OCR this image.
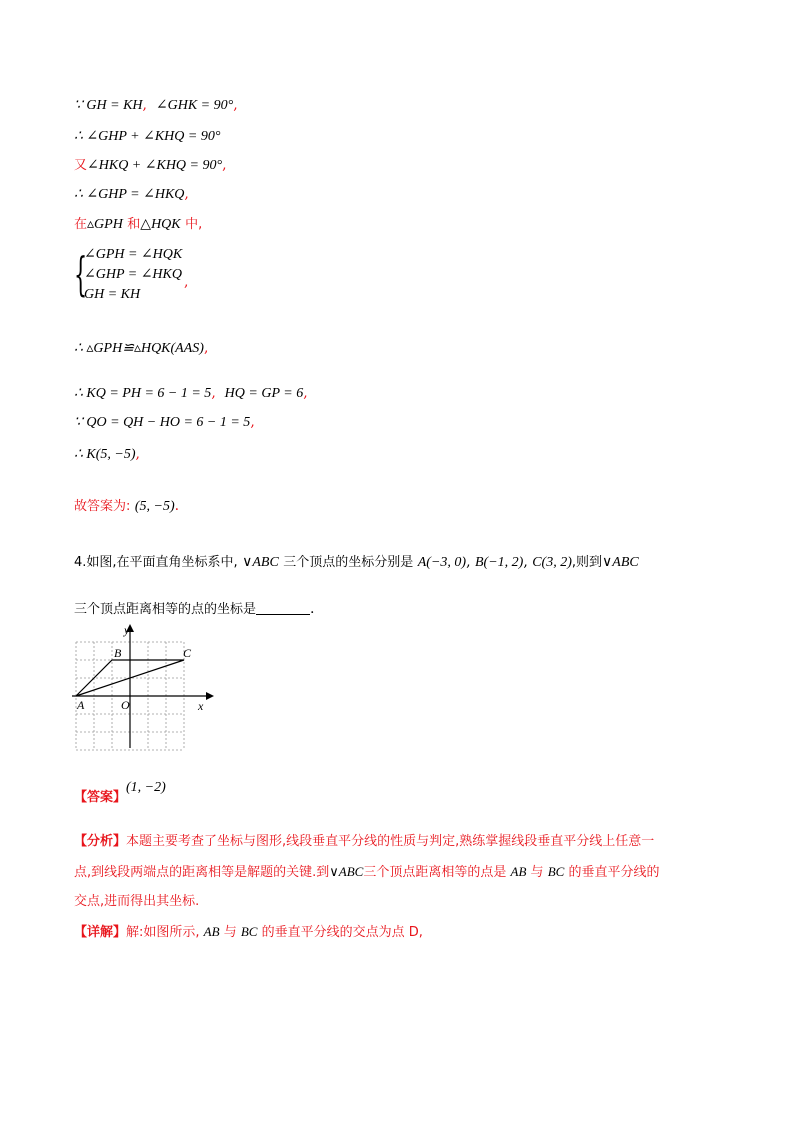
∵ GH = KH, ∠GHK = 90°,
∴ ∠GHP + ∠KHQ = 90°
又∠HKQ + ∠KHQ = 90°,
∴ ∠GHP = ∠HKQ,
在▵GPH 和△HQK 中,
{
∠GPH = ∠HQK
∠GHP = ∠HKQ
GH = KH
,
∴ ▵GPH≌▵HQK(AAS),
∴ KQ = PH = 6 − 1 = 5, HQ = GP = 6,
∵ QO = QH − HO = 6 − 1 = 5,
∴ K(5, −5),
故答案为: (5, −5).
4.如图,在平面直角坐标系中, ∨ABC 三个顶点的坐标分别是 A(−3, 0), B(−1, 2), C(3, 2),则到∨ABC
三个顶点距离相等的点的坐标是	.
A
B	C
O	x
y
【答案】(1, −2)
【分析】本题主要考查了坐标与图形,线段垂直平分线的性质与判定,熟练掌握线段垂直平分线上任意一
点,到线段两端点的距离相等是解题的关键.到∨ABC三个顶点距离相等的点是 AB 与 BC 的垂直平分线的
交点,进而得出其坐标.
【详解】解:如图所示, AB 与 BC 的垂直平分线的交点为点 D,
